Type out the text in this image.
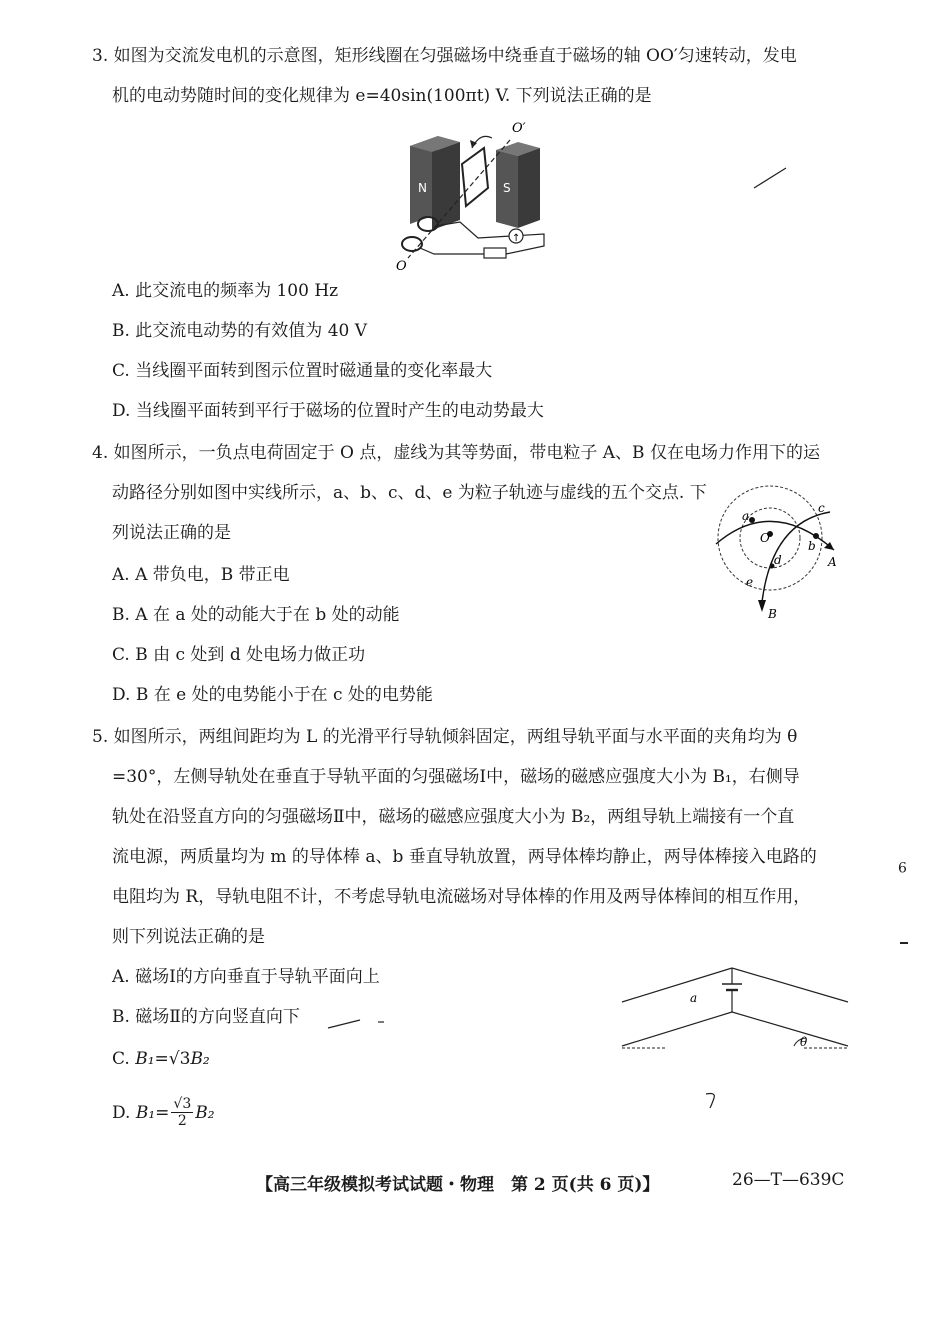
3. 如图为交流发电机的示意图，矩形线圈在匀强磁场中绕垂直于磁场的轴 OO′匀速转动，发电
机的电动势随时间的变化规律为 e=40sin(100πt) V. 下列说法正确的是
↑
N	S
O′
O
A. 此交流电的频率为 100 Hz
B. 此交流电动势的有效值为 40 V
C. 当线圈平面转到图示位置时磁通量的变化率最大
D. 当线圈平面转到平行于磁场的位置时产生的电动势最大
4. 如图所示，一负点电荷固定于 O 点，虚线为其等势面，带电粒子 A、B 仅在电场力作用下的运
动路径分别如图中实线所示，a、b、c、d、e 为粒子轨迹与虚线的五个交点. 下
列说法正确的是
a
b
c
d
e
O
A
B
A. A 带负电，B 带正电
B. A 在 a 处的动能大于在 b 处的动能
C. B 由 c 处到 d 处电场力做正功
D. B 在 e 处的电势能小于在 c 处的电势能
5. 如图所示，两组间距均为 L 的光滑平行导轨倾斜固定，两组导轨平面与水平面的夹角均为 θ
=30°，左侧导轨处在垂直于导轨平面的匀强磁场Ⅰ中，磁场的磁感应强度大小为 B₁，右侧导
轨处在沿竖直方向的匀强磁场Ⅱ中，磁场的磁感应强度大小为 B₂，两组导轨上端接有一个直
流电源，两质量均为 m 的导体棒 a、b 垂直导轨放置，两导体棒均静止，两导体棒接入电路的
电阻均为 R，导轨电阻不计，不考虑导轨电流磁场对导体棒的作用及两导体棒间的相互作用，
则下列说法正确的是
A. 磁场Ⅰ的方向垂直于导轨平面向上
B. 磁场Ⅱ的方向竖直向下
C. B₁=√3B₂
D. $B_1= \frac{√3}{2} B_2$
a
θ
9
【高三年级模拟考试试题・物理　第 2 页(共 6 页)】	26—T—639C
